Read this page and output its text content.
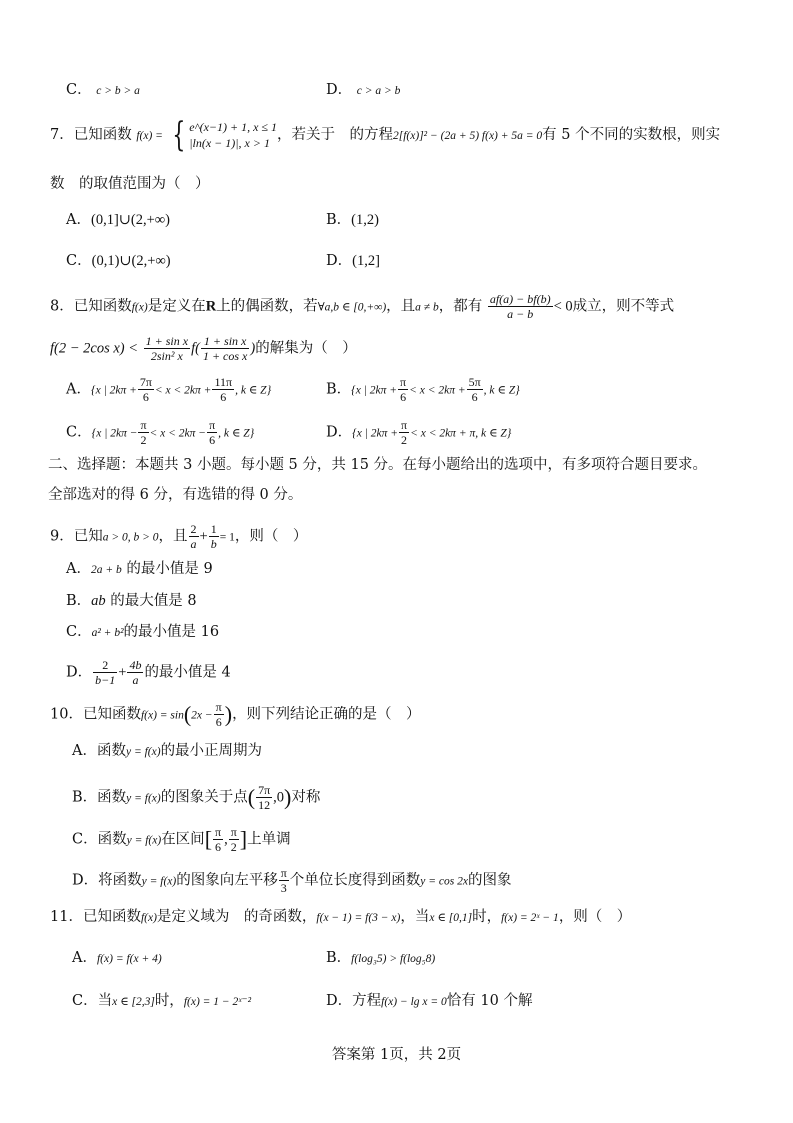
C． c > b > a	D． c > a > b
7．已知函数 f(x) = { e^(x−1) + 1, x ≤ 1
|ln(x − 1)|, x > 1 ，若关于　 的方程2[f(x)]² − (2a + 5) f(x) + 5a = 0有 5 个不同的实数根，则实
数　 的取值范围为（　）
A．(0,1]∪(2,+∞)	B．(1,2)
C．(0,1)∪(2,+∞)	D．(1,2]
8．已知函数f(x)是定义在R上的偶函数，若∀a,b ∈ [0,+∞)，且a ≠ b，都有 $\frac{af(a) - bf(b)}{a - b} < 0$成立，则不等式
f(2 − 2cos $x) < \frac{\text{1 + sin x}}{\text{2sin² x}} f( \frac{\text{1 + sin x}}{\text{1 + cos x}}$ )的解集为（　）
A．{x | $2k\pi + \frac{7\pi}{6} < x < 2k\pi + \frac{11\pi}{6}$ , k ∈ Z}	B．{x | $2k\pi + \frac{\pi}{6} < x < 2k\pi + \frac{5\pi}{6}$ , k ∈ Z}
C．{x | $2k\pi - \frac{\pi}{2} < x < 2k\pi - \frac{\pi}{6}$ , k ∈ Z}	D．{x | $2k\pi + \frac{\pi}{2} < x < 2k\pi + \pi$, k ∈ Z}
二、选择题：本题共 3 小题。每小题 5 分，共 15 分。在每小题给出的选项中，有多项符合题目要求。
全部选对的得 6 分，有选错的得 0 分。
9．已知a > 0, b > 0，且 $\frac{2}{a} + \frac{1}{b} = 1$，则（　）
A．2a + b 的最小值是 9
B．ab 的最大值是 8
C．a² + b²的最小值是 16
D． $\frac{2}{b-1} + \frac{4b}{a}$ 的最小值是 4
10．已知函数$f(x) = \sin(2x - \frac{\pi}{6}$ )，则下列结论正确的是（　）
A．函数y = f(x)的最小正周期为
B．函数y = f(x)的图象关于点( $\frac{7\pi}{12} ,0$)对称
C．函数y = f(x)在区间[ $\frac{\pi}{6}$ , $\frac{\pi}{2}$ ]上单调
D．将函数y = f(x)的图象向左平移 $\frac{\pi}{3}$ 个单位长度得到函数y = cos 2x的图象
11．已知函数f(x)是定义域为　 的奇函数，f(x − 1) = f(3 − x)，当x ∈ [0,1]时，f(x) = 2ˣ − 1，则（　）
A．f(x) = f(x + 4)	B．f(log₃5) > f(log₅8)
C．当x ∈ [2,3]时，f(x) = 1 − 2ˣ⁻²	D．方程f(x) − lg x = 0恰有 10 个解
答案第 1页，共 2页
